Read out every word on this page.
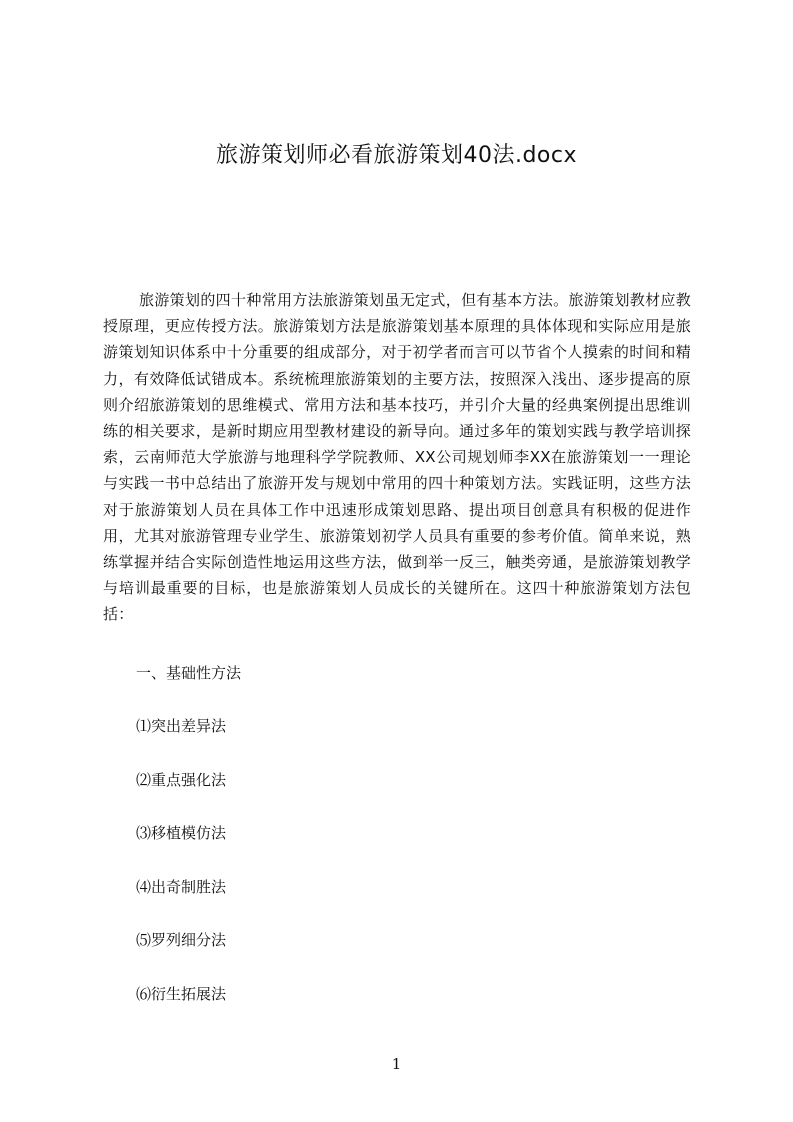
旅游策划师必看旅游策划40法.docx

旅游策划的四十种常用方法旅游策划虽无定式，但有基本方法。旅游策划教材应教授原理，更应传授方法。旅游策划方法是旅游策划基本原理的具体体现和实际应用是旅游策划知识体系中十分重要的组成部分，对于初学者而言可以节省个人摸索的时间和精力，有效降低试错成本。系统梳理旅游策划的主要方法，按照深入浅出、逐步提高的原则介绍旅游策划的思维模式、常用方法和基本技巧，并引介大量的经典案例提出思维训练的相关要求，是新时期应用型教材建设的新导向。通过多年的策划实践与教学培训探索，云南师范大学旅游与地理科学学院教师、XX公司规划师李XX在旅游策划一一理论与实践一书中总结出了旅游开发与规划中常用的四十种策划方法。实践证明，这些方法对于旅游策划人员在具体工作中迅速形成策划思路、提出项目创意具有积极的促进作用，尤其对旅游管理专业学生、旅游策划初学人员具有重要的参考价值。简单来说，熟练掌握并结合实际创造性地运用这些方法，做到举一反三，触类旁通，是旅游策划教学与培训最重要的目标，也是旅游策划人员成长的关键所在。这四十种旅游策划方法包括：

一、基础性方法
⑴突出差异法
⑵重点强化法
⑶移植模仿法
⑷出奇制胜法
⑸罗列细分法
⑹衍生拓展法
1
